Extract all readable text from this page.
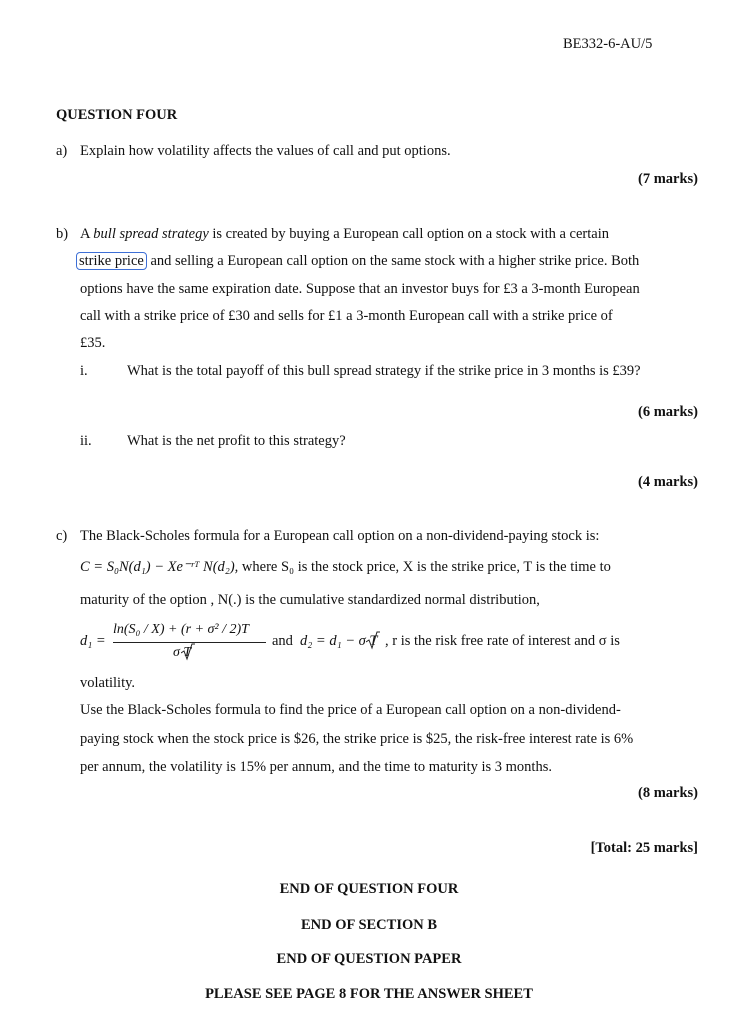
BE332-6-AU/5
QUESTION FOUR
a) Explain how volatility affects the values of call and put options.
(7 marks)
b) A bull spread strategy is created by buying a European call option on a stock with a certain
strike price and selling a European call option on the same stock with a higher strike price. Both
options have the same expiration date. Suppose that an investor buys for £3 a 3-month European
call with a strike price of £30 and sells for £1 a 3-month European call with a strike price of
£35.
i.	What is the total payoff of this bull spread strategy if the strike price in 3 months is £39?
(6 marks)
ii. What is the net profit to this strategy?
(4 marks)
c) The Black-Scholes formula for a European call option on a non-dividend-paying stock is:
C = S₀N(d₁) − Xe⁻ʳᵀ N(d₂), where S₀ is the stock price, X is the strike price, T is the time to
maturity of the option , N(.) is the cumulative standardized normal distribution,
d₁ =
ln(S₀ / X) + (r + σ² / 2)T
σ T
and d₂ = d₁ − σ T , r is the risk free rate of interest and σ is
volatility.
Use the Black-Scholes formula to find the price of a European call option on a non-dividend-
paying stock when the stock price is $26, the strike price is $25, the risk-free interest rate is 6%
per annum, the volatility is 15% per annum, and the time to maturity is 3 months.
(8 marks)
[Total: 25 marks]
END OF QUESTION FOUR
END OF SECTION B
END OF QUESTION PAPER
PLEASE SEE PAGE 8 FOR THE ANSWER SHEET
